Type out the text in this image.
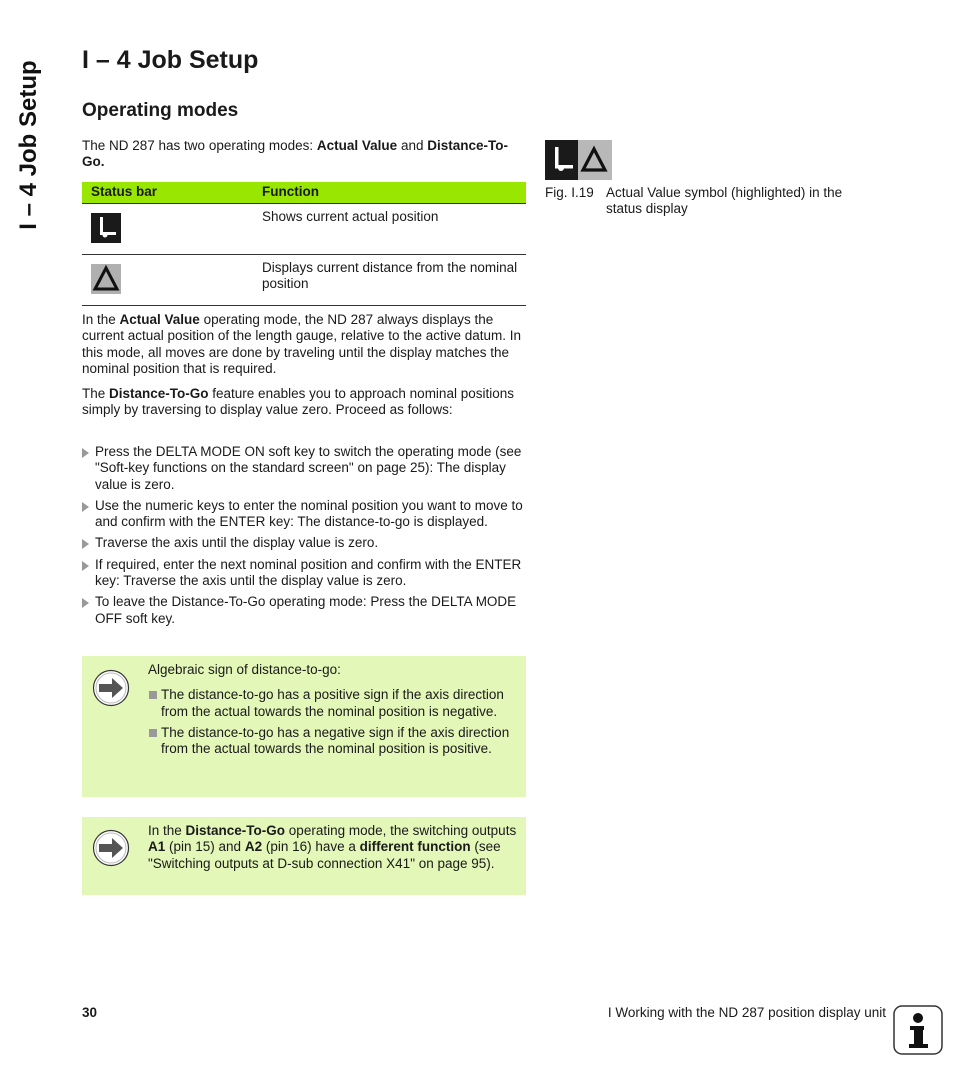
I – 4 Job Setup
I – 4 Job Setup
Operating modes

The ND 287 has two operating modes: Actual Value and Distance-To-Go.

Status bar	Function

	Shows current actual position

	Displays current distance from the nominal position

In the Actual Value operating mode, the ND 287 always displays the current actual position of the length gauge, relative to the active datum. In this mode, all moves are done by traveling until the display matches the nominal position that is required.

The Distance-To-Go feature enables you to approach nominal positions simply by traversing to display value zero. Proceed as follows:

Press the DELTA MODE ON soft key to switch the operating mode (see "Soft-key functions on the standard screen" on page 25): The display value is zero.
Use the numeric keys to enter the nominal position you want to move to and confirm with the ENTER key: The distance-to-go is displayed.
Traverse the axis until the display value is zero.
If required, enter the next nominal position and confirm with the ENTER key: Traverse the axis until the display value is zero.
To leave the Distance-To-Go operating mode: Press the DELTA MODE OFF soft key.

Algebraic sign of distance-to-go:

The distance-to-go has a positive sign if the axis direction from the actual towards the nominal position is negative.
The distance-to-go has a negative sign if the axis direction from the actual towards the nominal position is positive.

In the Distance-To-Go operating mode, the switching outputs A1 (pin 15) and A2 (pin 16) have a different function (see "Switching outputs at D-sub connection X41" on page 95).

Fig. I.19 Actual Value symbol (highlighted) in the status display
30	I Working with the ND 287 position display unit
